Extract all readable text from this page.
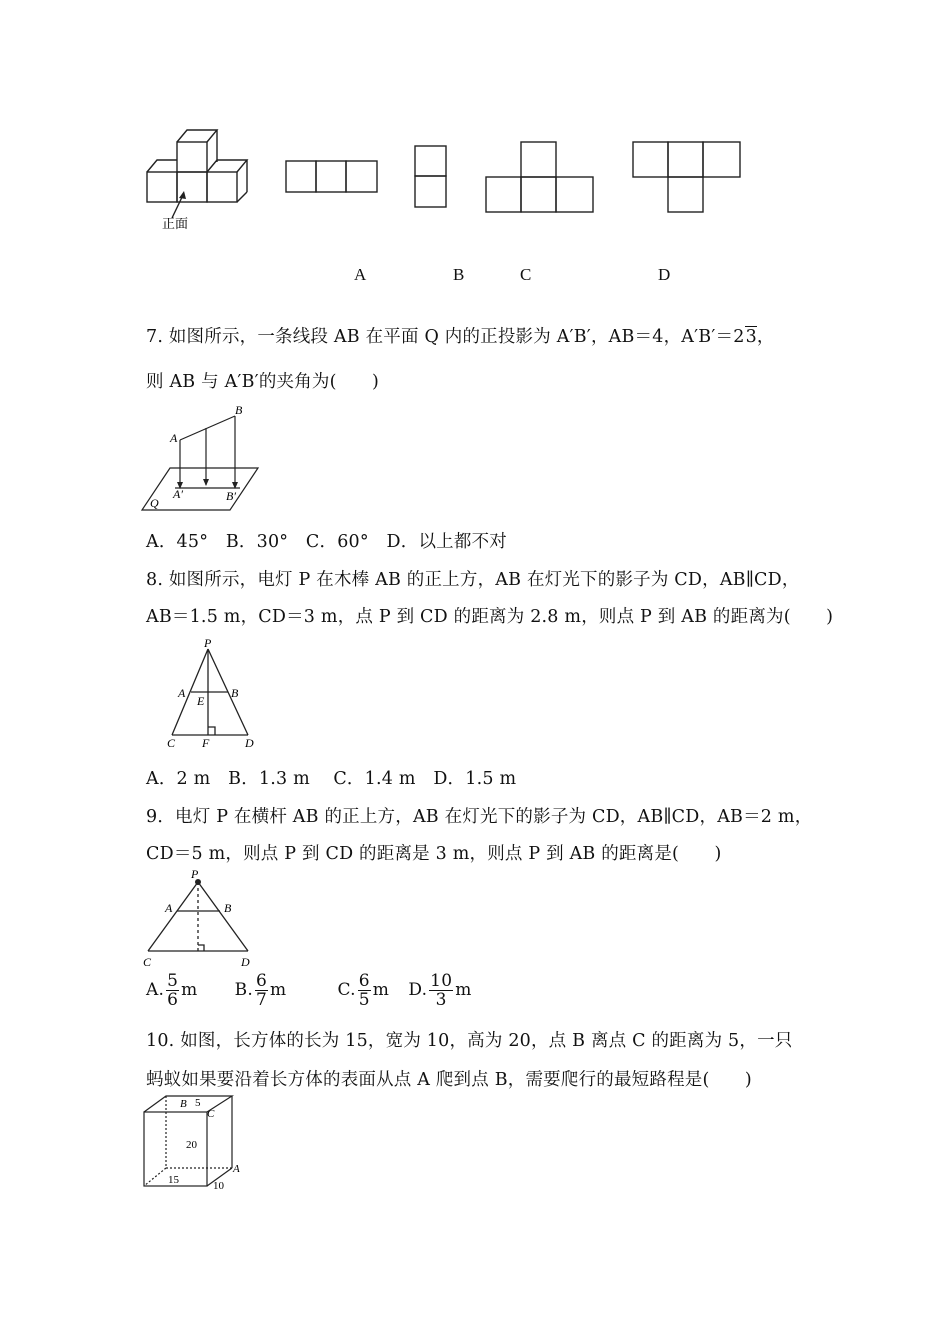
正面
A	B	C	D
7. 如图所示，一条线段 AB 在平面 Q 内的正投影为 A′B′，AB＝4，A′B′＝23，
则 AB 与 A′B′的夹角为(　　)
A
B
A′	B′
Q
A．45°　B．30°　C．60°　D．以上都不对
8. 如图所示，电灯 P 在木棒 AB 的正上方，AB 在灯光下的影子为 CD，AB∥CD，
AB＝1.5 m，CD＝3 m，点 P 到 CD 的距离为 2.8 m，则点 P 到 AB 的距离为(　　)
P
A	B
E
C F	D
A．2 m　B．1.3 m　 C．1.4 m　D．1.5 m
9．电灯 P 在横杆 AB 的正上方，AB 在灯光下的影子为 CD，AB∥CD，AB＝2 m，
CD＝5 m，则点 P 到 CD 的距离是 3 m，则点 P 到 AB 的距离是(　　)
P
A	B
C	D
A. $\frac{5}{6}$ m B. $\frac{6}{7}$ m	C. $\frac{6}{5}$ m D. $\frac{10}{3}$ m
10. 如图，长方体的长为 15，宽为 10，高为 20，点 B 离点 C 的距离为 5，一只
蚂蚁如果要沿着长方体的表面从点 A 爬到点 B，需要爬行的最短路程是(　　)
B 5
C
20
A
15	10
